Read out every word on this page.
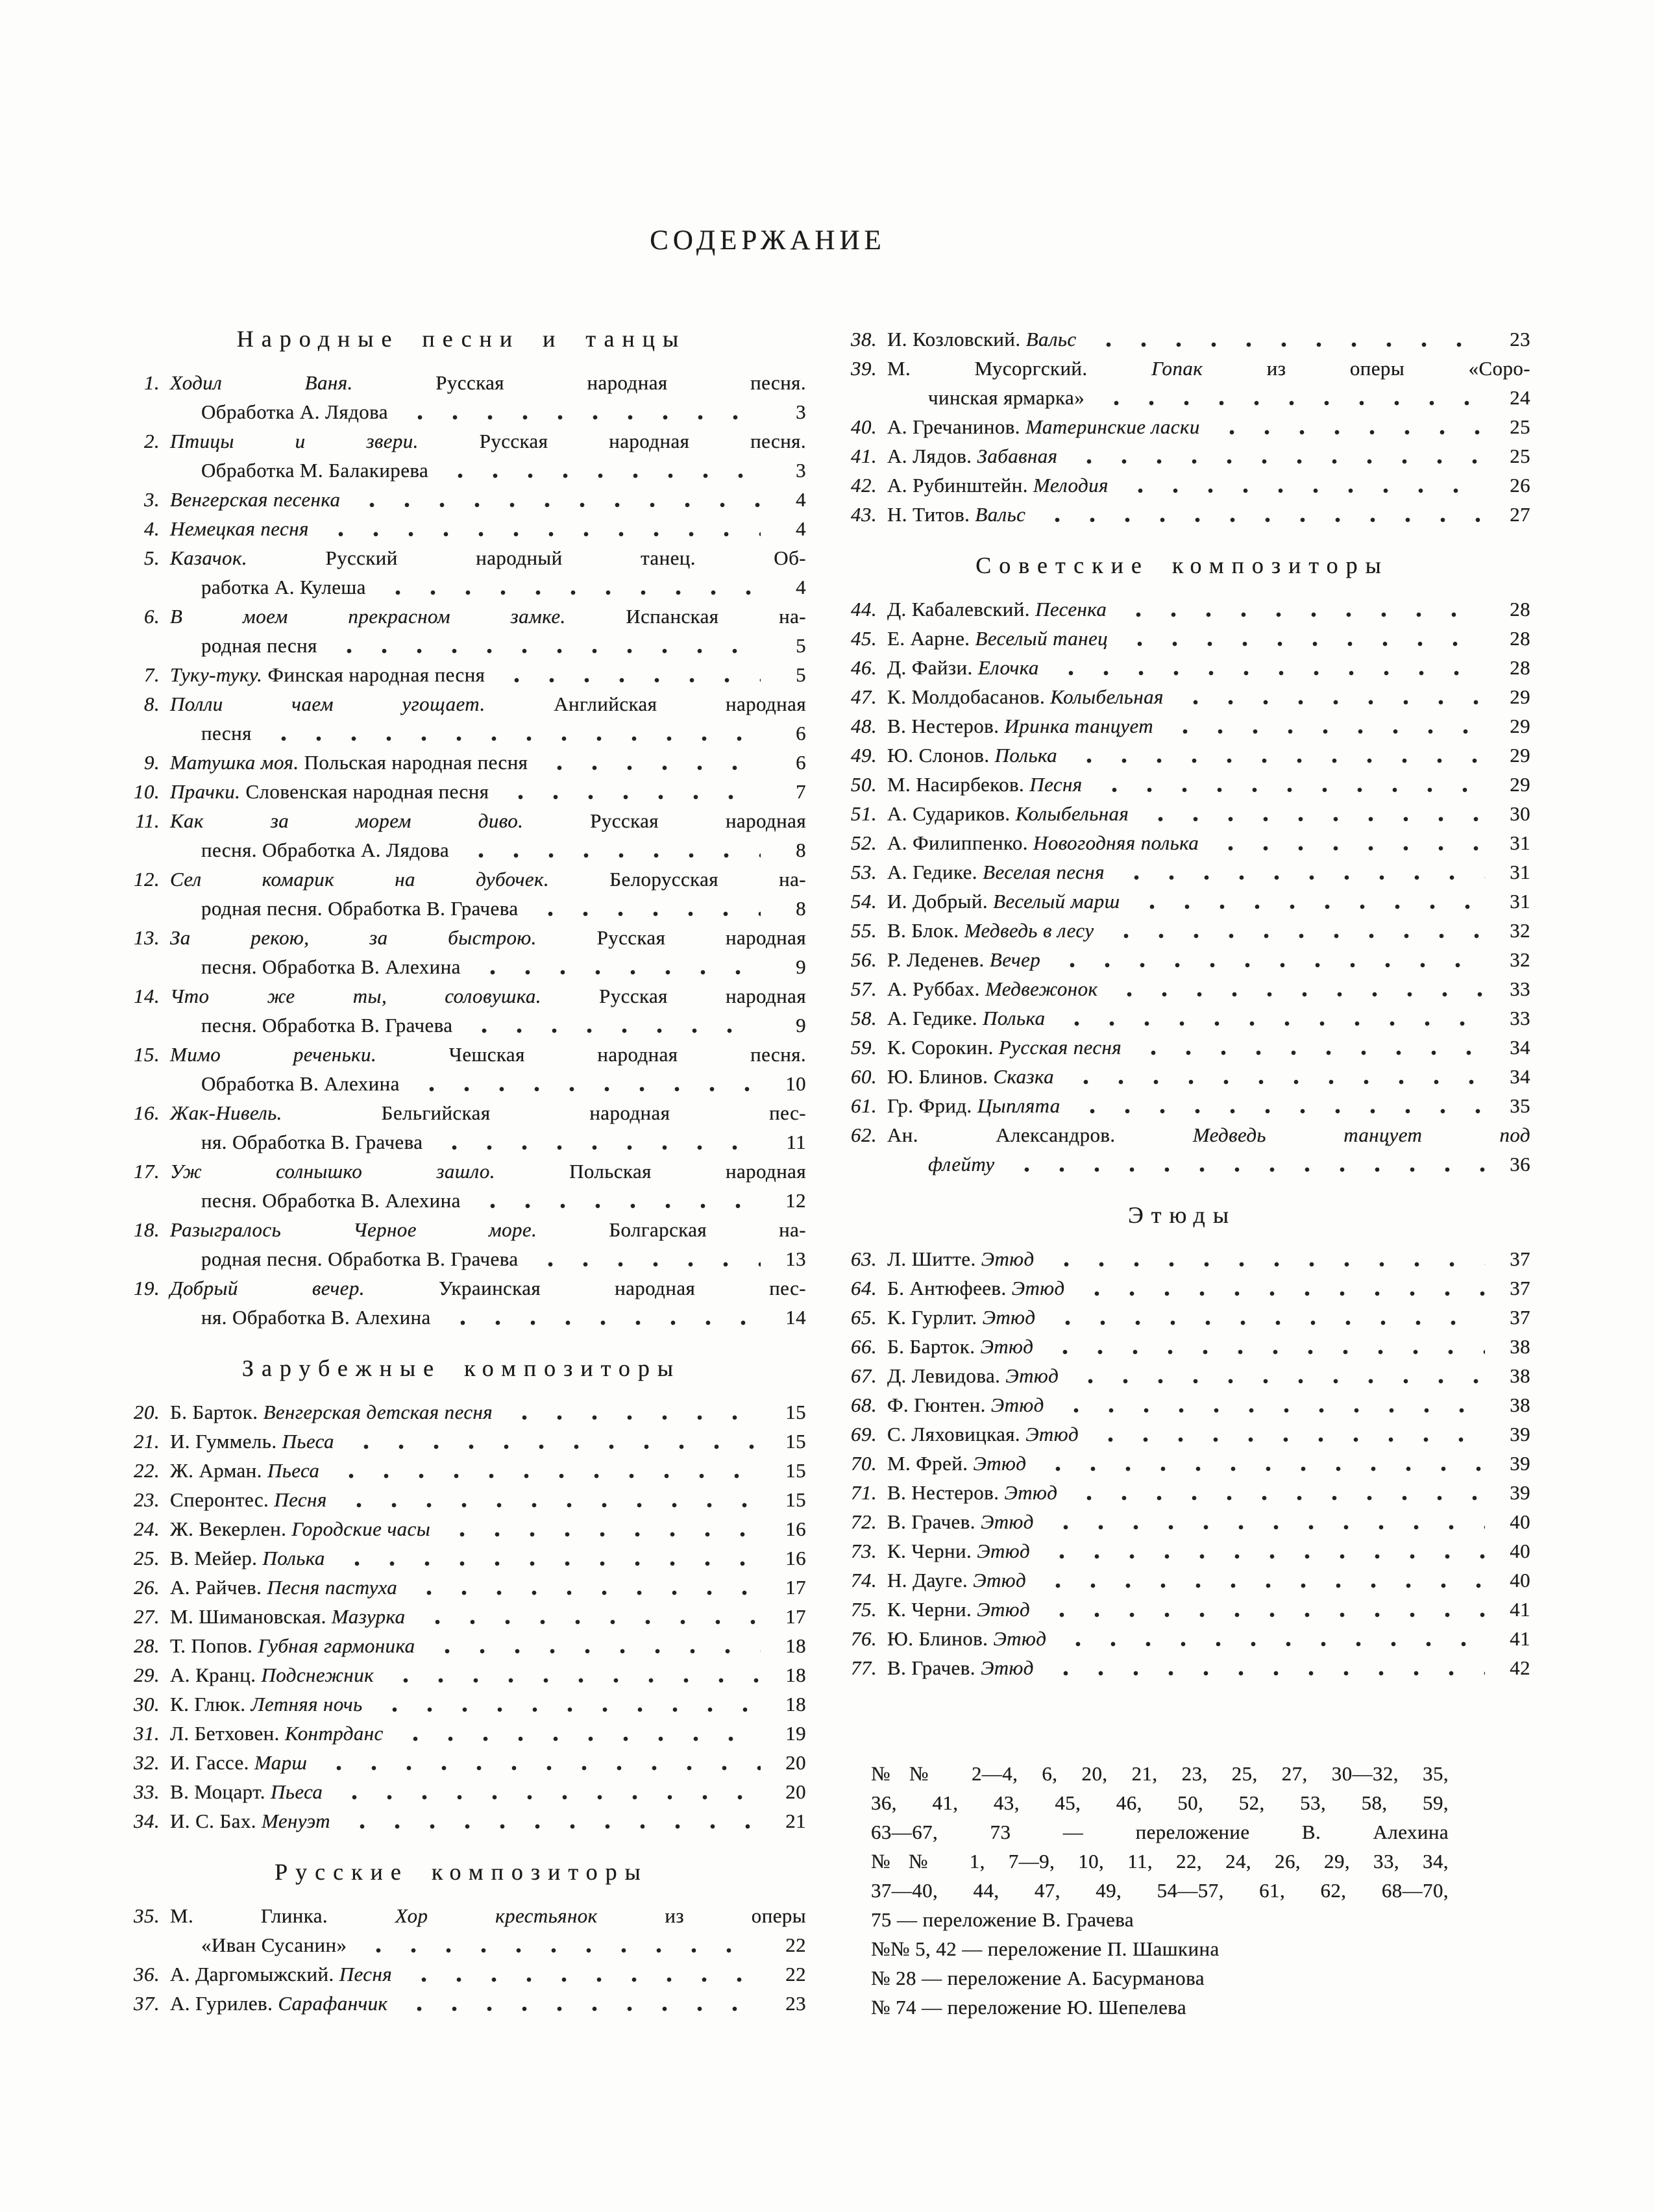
СОДЕРЖАНИЕ
Народные песни и танцы
1. Ходил Ваня. Русская народная песня.
Обработка А. Лядова	3
2. Птицы и звери. Русская народная песня.
Обработка М. Балакирева	3
3. Венгерская песенка	4
4. Немецкая песня	4
5. Казачок. Русский народный танец. Об-
работка А. Кулеша	4
6. В моем прекрасном замке. Испанская на-
родная песня	5
7. Туку-туку. Финская народная песня	5
8. Полли чаем угощает. Английская народная
песня	6
9. Матушка моя. Польская народная песня	6
10. Прачки. Словенская народная песня	7
11. Как за морем диво. Русская народная
песня. Обработка А. Лядова	8
12. Сел комарик на дубочек. Белорусская на-
родная песня. Обработка В. Грачева	8
13. За рекою, за быстрою. Русская народная
песня. Обработка В. Алехина	9
14. Что же ты, соловушка. Русская народная
песня. Обработка В. Грачева	9
15. Мимо реченьки. Чешская народная песня.
Обработка В. Алехина	10
16. Жак-Нивель. Бельгийская народная пес-
ня. Обработка В. Грачева	11
17. Уж солнышко зашло. Польская народная
песня. Обработка В. Алехина	12
18. Разыгралось Черное море. Болгарская на-
родная песня. Обработка В. Грачева	13
19. Добрый вечер. Украинская народная пес-
ня. Обработка В. Алехина	14
Зарубежные композиторы
20. Б. Барток. Венгерская детская песня	15
21. И. Гуммель. Пьеса	15
22. Ж. Арман. Пьеса	15
23. Сперонтес. Песня	15
24. Ж. Векерлен. Городские часы	16
25. В. Мейер. Полька	16
26. А. Райчев. Песня пастуха	17
27. М. Шимановская. Мазурка	17
28. Т. Попов. Губная гармоника	18
29. А. Кранц. Подснежник	18
30. К. Глюк. Летняя ночь	18
31. Л. Бетховен. Контрданс	19
32. И. Гассе. Марш	20
33. В. Моцарт. Пьеса	20
34. И. С. Бах. Менуэт	21
Русские композиторы
35. М. Глинка. Хор крестьянок из оперы
«Иван Сусанин»	22
36. А. Даргомыжский. Песня	22
37. А. Гурилев. Сарафанчик	23
38. И. Козловский. Вальс	23
39. М. Мусоргский. Гопак из оперы «Соро-
чинская ярмарка»	24
40. А. Гречанинов. Материнские ласки	25
41. А. Лядов. Забавная	25
42. А. Рубинштейн. Мелодия	26
43. Н. Титов. Вальс	27
Советские композиторы
44. Д. Кабалевский. Песенка	28
45. Е. Аарне. Веселый танец	28
46. Д. Файзи. Елочка	28
47. К. Молдобасанов. Колыбельная	29
48. В. Нестеров. Иринка танцует	29
49. Ю. Слонов. Полька	29
50. М. Насирбеков. Песня	29
51. А. Судариков. Колыбельная	30
52. А. Филиппенко. Новогодняя полька	31
53. А. Гедике. Веселая песня	31
54. И. Добрый. Веселый марш	31
55. В. Блок. Медведь в лесу	32
56. Р. Леденев. Вечер	32
57. А. Руббах. Медвежонок	33
58. А. Гедике. Полька	33
59. К. Сорокин. Русская песня	34
60. Ю. Блинов. Сказка	34
61. Гр. Фрид. Цыплята	35
62. Ан. Александров. Медведь танцует под
флейту	36
Этюды
63. Л. Шитте. Этюд	37
64. Б. Антюфеев. Этюд	37
65. К. Гурлит. Этюд	37
66. Б. Барток. Этюд	38
67. Д. Левидова. Этюд	38
68. Ф. Гюнтен. Этюд	38
69. С. Ляховицкая. Этюд	39
70. М. Фрей. Этюд	39
71. В. Нестеров. Этюд	39
72. В. Грачев. Этюд	40
73. К. Черни. Этюд	40
74. Н. Дауге. Этюд	40
75. К. Черни. Этюд	41
76. Ю. Блинов. Этюд	41
77. В. Грачев. Этюд	42
№№ 2—4, 6, 20, 21, 23, 25, 27, 30—32, 35,
36, 41, 43, 45, 46, 50, 52, 53, 58, 59,
63—67, 73 — переложение В. Алехина
№№ 1, 7—9, 10, 11, 22, 24, 26, 29, 33, 34,
37—40, 44, 47, 49, 54—57, 61, 62, 68—70,
75 — переложение В. Грачева
№№ 5, 42 — переложение П. Шашкина
№ 28 — переложение А. Басурманова
№ 74 — переложение Ю. Шепелева
